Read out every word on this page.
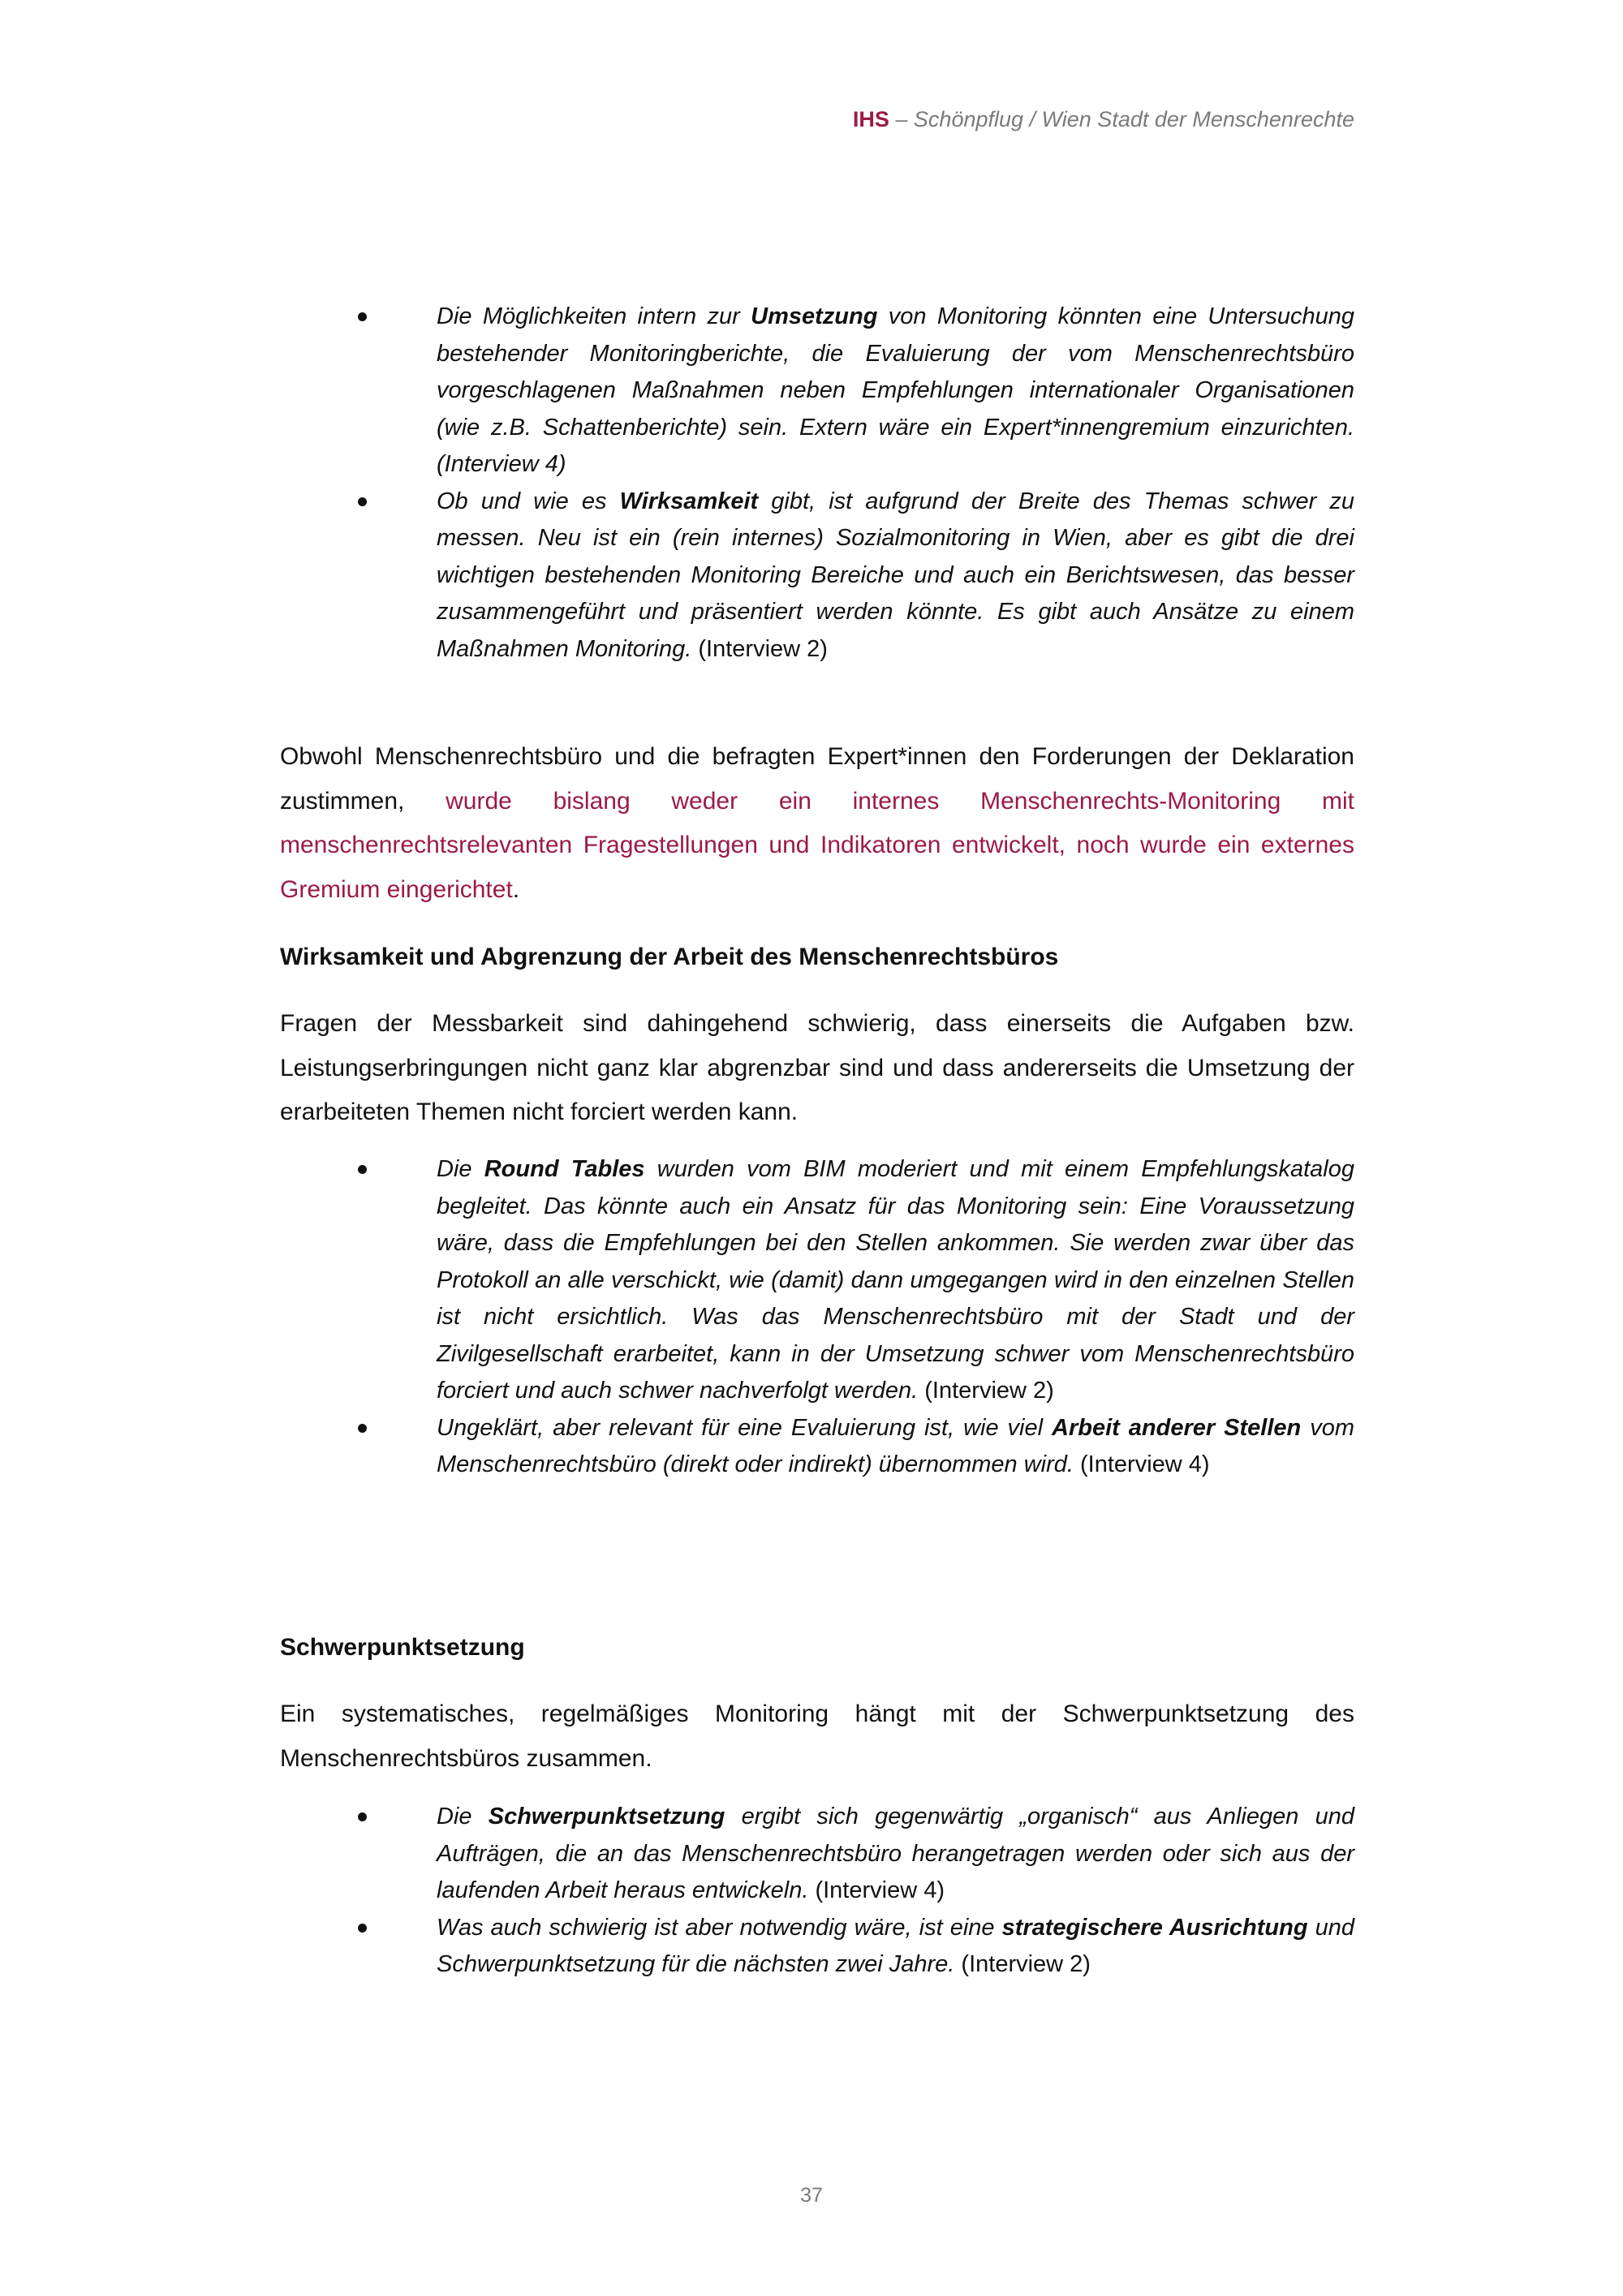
IHS – Schönpflug / Wien Stadt der Menschenrechte
Die Möglichkeiten intern zur Umsetzung von Monitoring könnten eine Untersuchung bestehender Monitoringberichte, die Evaluierung der vom Menschenrechtsbüro vorgeschlagenen Maßnahmen neben Empfehlungen internationaler Organisationen (wie z.B. Schattenberichte) sein. Extern wäre ein Expert*innengremium einzurichten. (Interview 4)
Ob und wie es Wirksamkeit gibt, ist aufgrund der Breite des Themas schwer zu messen. Neu ist ein (rein internes) Sozialmonitoring in Wien, aber es gibt die drei wichtigen bestehenden Monitoring Bereiche und auch ein Berichtswesen, das besser zusammengeführt und präsentiert werden könnte. Es gibt auch Ansätze zu einem Maßnahmen Monitoring. (Interview 2)

Obwohl Menschenrechtsbüro und die befragten Expert*innen den Forderungen der Deklaration zustimmen, wurde bislang weder ein internes Menschenrechts-Monitoring mit menschenrechtsrelevanten Fragestellungen und Indikatoren entwickelt, noch wurde ein externes Gremium eingerichtet.

Wirksamkeit und Abgrenzung der Arbeit des Menschenrechtsbüros

Fragen der Messbarkeit sind dahingehend schwierig, dass einerseits die Aufgaben bzw. Leistungserbringungen nicht ganz klar abgrenzbar sind und dass andererseits die Umsetzung der erarbeiteten Themen nicht forciert werden kann.

Die Round Tables wurden vom BIM moderiert und mit einem Empfehlungskatalog begleitet. Das könnte auch ein Ansatz für das Monitoring sein: Eine Voraussetzung wäre, dass die Empfehlungen bei den Stellen ankommen. Sie werden zwar über das Protokoll an alle verschickt, wie (damit) dann umgegangen wird in den einzelnen Stellen ist nicht ersichtlich. Was das Menschenrechtsbüro mit der Stadt und der Zivilgesellschaft erarbeitet, kann in der Umsetzung schwer vom Menschenrechtsbüro forciert und auch schwer nachverfolgt werden. (Interview 2)
Ungeklärt, aber relevant für eine Evaluierung ist, wie viel Arbeit anderer Stellen vom Menschenrechtsbüro (direkt oder indirekt) übernommen wird. (Interview 4)
Schwerpunktsetzung

Ein systematisches, regelmäßiges Monitoring hängt mit der Schwerpunktsetzung des Menschenrechtsbüros zusammen.

Die Schwerpunktsetzung ergibt sich gegenwärtig „organisch“ aus Anliegen und Aufträgen, die an das Menschenrechtsbüro herangetragen werden oder sich aus der laufenden Arbeit heraus entwickeln. (Interview 4)
Was auch schwierig ist aber notwendig wäre, ist eine strategischere Ausrichtung und Schwerpunktsetzung für die nächsten zwei Jahre. (Interview 2)
37
